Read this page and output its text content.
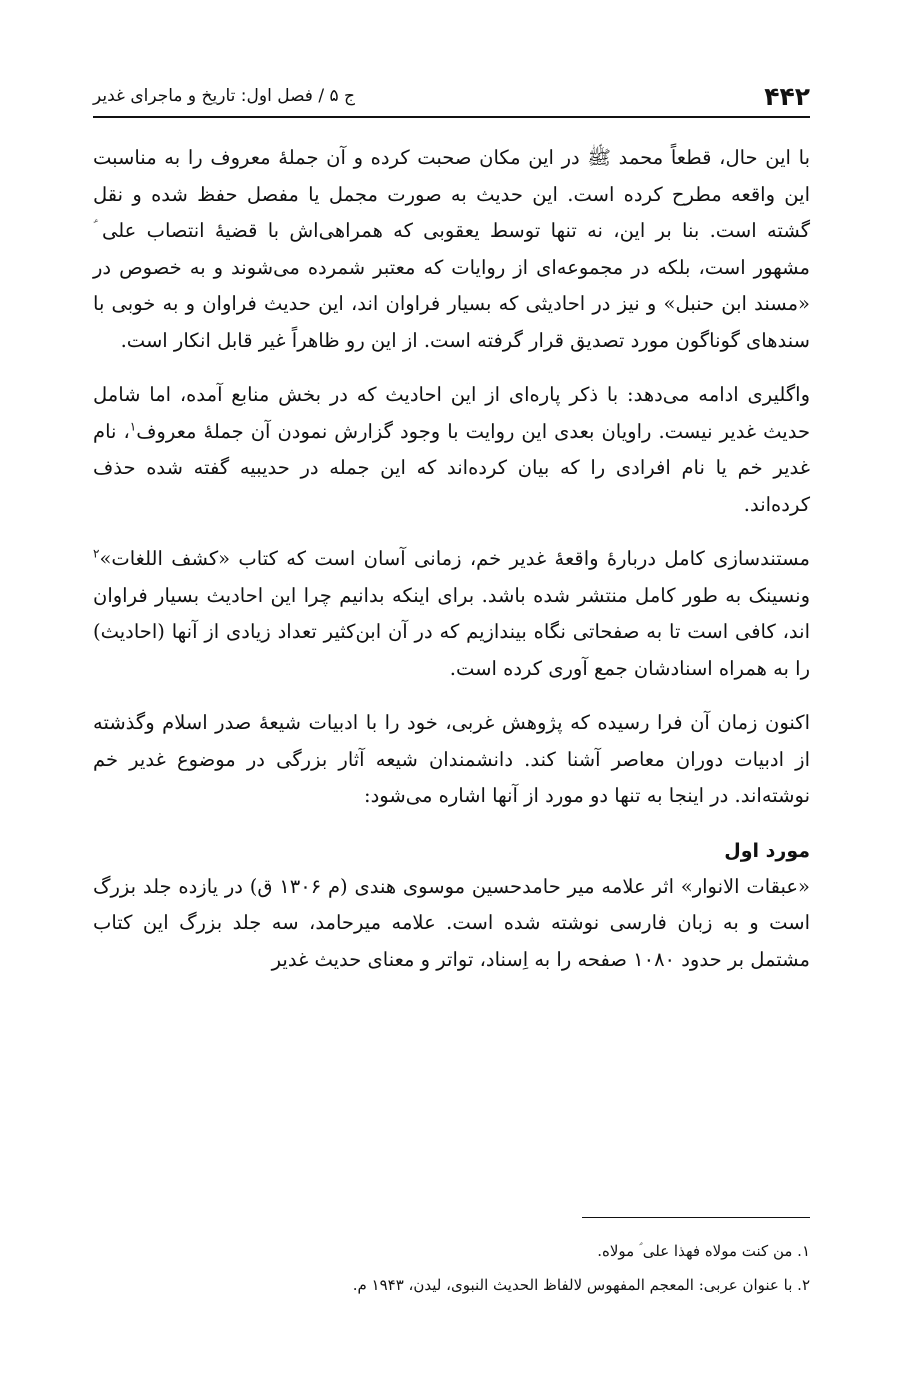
۴۴۲
ج ۵ / فصل اول: تاریخ و ماجرای غدیر

با این حال، قطعاً محمد ﷺ در این مکان صحبت کرده و آن جملهٔ معروف را به مناسبت این واقعه مطرح کرده است. این حدیث به صورت مجمل یا مفصل حفظ شده و نقل گشته است. بنا بر این، نه تنها توسط یعقوبی که همراهی‌اش با قضیهٔ انتصاب علی ؑ مشهور است، بلکه در مجموعه‌ای از روایات که معتبر شمرده می‌شوند و به خصوص در «مسند ابن حنبل» و نیز در احادیثی که بسیار فراوان اند، این حدیث فراوان و به خوبی با سندهای گوناگون مورد تصدیق قرار گرفته است. از این رو ظاهراً غیر قابل انکار است.

واگلیری ادامه می‌دهد: با ذکر پاره‌ای از این احادیث که در بخش منابع آمده، اما شامل حدیث غدیر نیست. راویان بعدی این روایت با وجود گزارش نمودن آن جملهٔ معروف$^۱$، نام غدیر خم یا نام افرادی را که بیان کرده‌اند که این جمله در حدیبیه گفته شده حذف کرده‌اند.

مستندسازی کامل دربارهٔ واقعهٔ غدیر خم، زمانی آسان است که کتاب «کشف اللغات»$^۲$ ونسینک به طور کامل منتشر شده باشد. برای اینکه بدانیم چرا این احادیث بسیار فراوان اند، کافی است تا به صفحاتی نگاه بیندازیم که در آن ابن‌کثیر تعداد زیادی از آنها (احادیث) را به همراه اسنادشان جمع آوری کرده است.

اکنون زمان آن فرا رسیده که پژوهش غربی، خود را با ادبیات شیعهٔ صدر اسلام وگذشته از ادبیات دوران معاصر آشنا کند. دانشمندان شیعه آثار بزرگی در موضوع غدیر خم نوشته‌اند. در اینجا به تنها دو مورد از آنها اشاره می‌شود:

مورد اول

«عبقات الانوار» اثر علامه میر حامدحسین موسوی هندی (م ۱۳۰۶ ق) در یازده جلد بزرگ است و به زبان فارسی نوشته شده است. علامه میرحامد، سه جلد بزرگ این کتاب مشتمل بر حدود ۱۰۸۰ صفحه را به اِسناد، تواتر و معنای حدیث غدیر

۱. من کنت مولاه فهذا علی ؑ مولاه.

۲. با عنوان عربی: المعجم المفهوس لالفاظ الحدیث النبوی، لیدن، ۱۹۴۳ م.
